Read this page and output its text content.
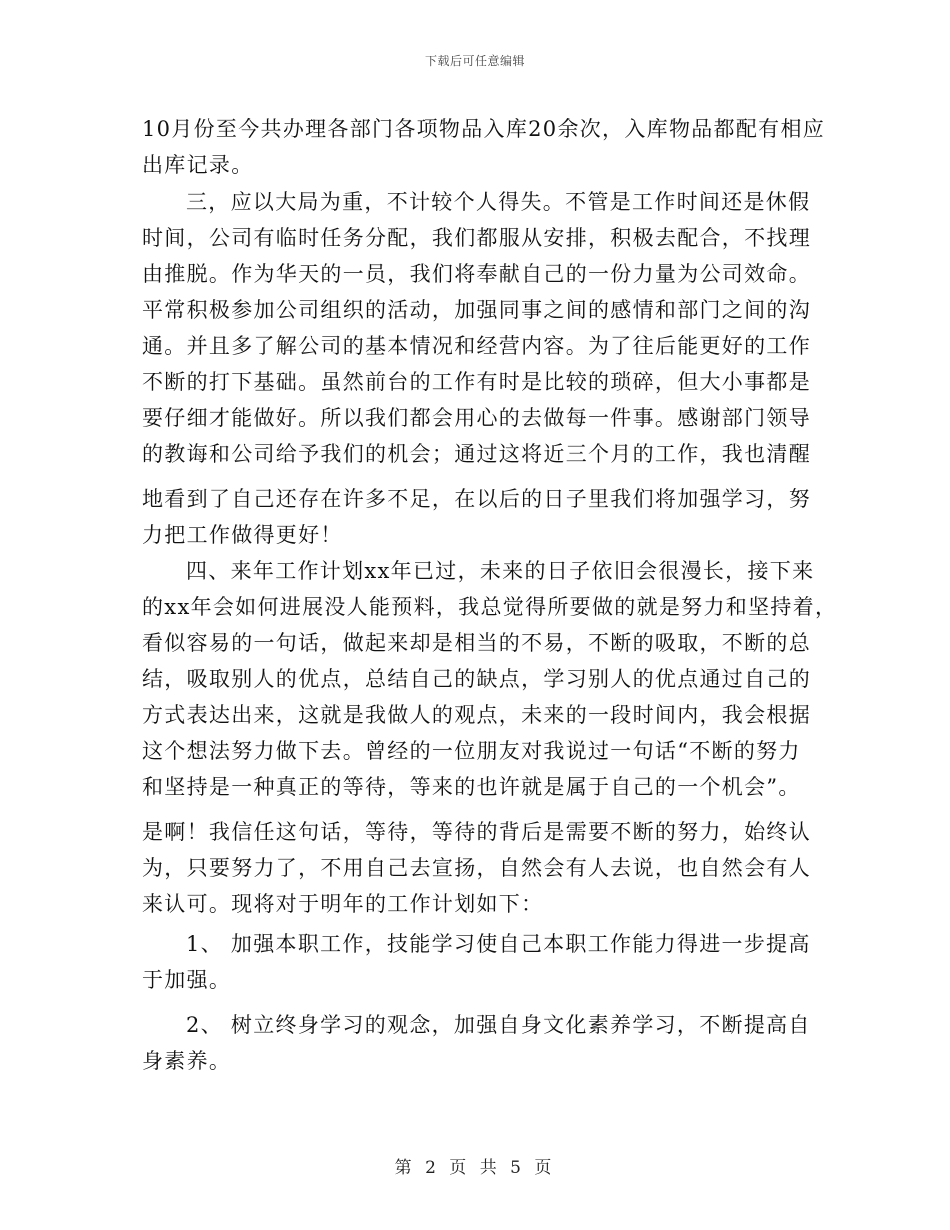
下载后可任意编辑
10月份至今共办理各部门各项物品入库20余次，入库物品都配有相应
出库记录。
三，应以大局为重，不计较个人得失。不管是工作时间还是休假
时间，公司有临时任务分配，我们都服从安排，积极去配合，不找理
由推脱。作为华天的一员，我们将奉献自己的一份力量为公司效命。
平常积极参加公司组织的活动，加强同事之间的感情和部门之间的沟
通。并且多了解公司的基本情况和经营内容。为了往后能更好的工作
不断的打下基础。虽然前台的工作有时是比较的琐碎，但大小事都是
要仔细才能做好。所以我们都会用心的去做每一件事。感谢部门领导
的教诲和公司给予我们的机会；通过这将近三个月的工作，我也清醒
地看到了自己还存在许多不足，在以后的日子里我们将加强学习，努
力把工作做得更好！
四、来年工作计划xx年已过，未来的日子依旧会很漫长，接下来
的xx年会如何进展没人能预料，我总觉得所要做的就是努力和坚持着，
看似容易的一句话，做起来却是相当的不易，不断的吸取，不断的总
结，吸取别人的优点，总结自己的缺点，学习别人的优点通过自己的
方式表达出来，这就是我做人的观点，未来的一段时间内，我会根据
这个想法努力做下去。曾经的一位朋友对我说过一句话“不断的努力
和坚持是一种真正的等待，等来的也许就是属于自己的一个机会”。
是啊！我信任这句话，等待，等待的背后是需要不断的努力，始终认
为，只要努力了，不用自己去宣扬，自然会有人去说，也自然会有人
来认可。现将对于明年的工作计划如下：
1、 加强本职工作，技能学习使自己本职工作能力得进一步提高
于加强。
2、 树立终身学习的观念，加强自身文化素养学习，不断提高自
身素养。
第 2 页 共 5 页
